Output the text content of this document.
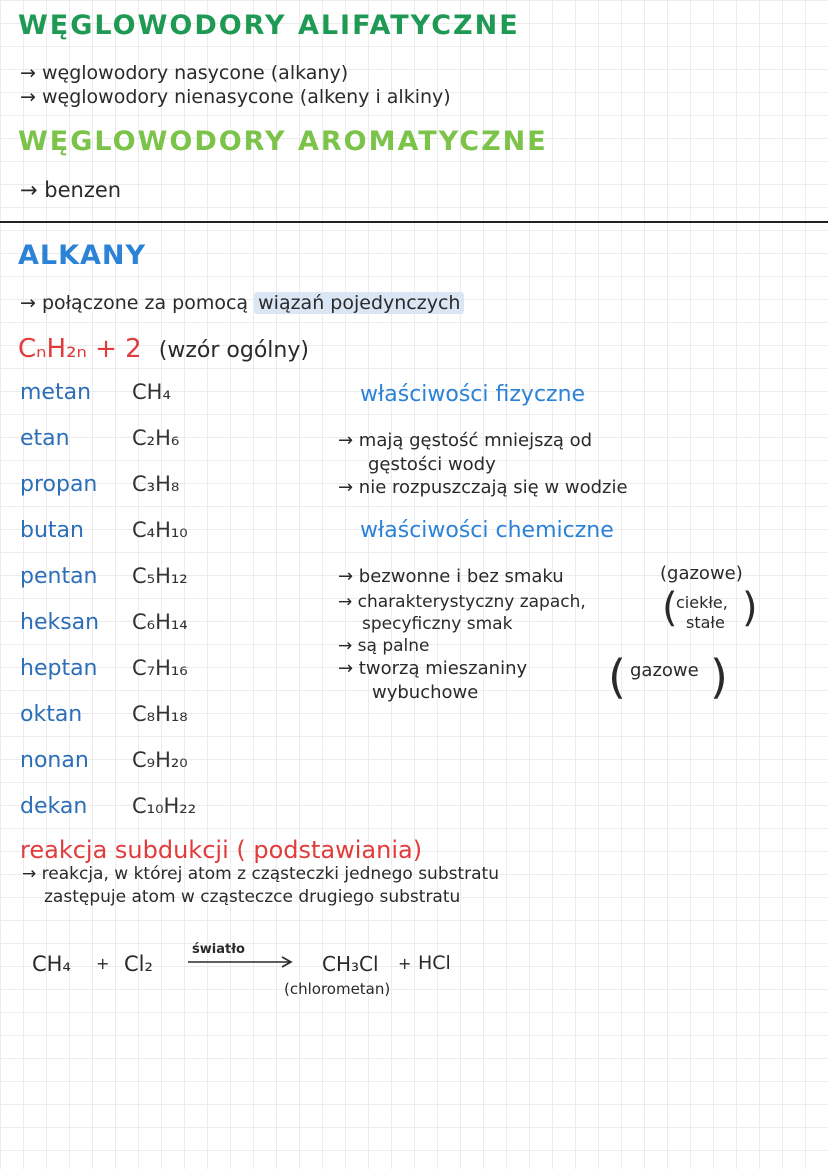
WĘGLOWODORY ALIFATYCZNE
→ węglowodory nasycone (alkany)
→ węglowodory nienasycone (alkeny i alkiny)
WĘGLOWODORY AROMATYCZNE
→ benzen
ALKANY
→ połączone za pomocą wiązań pojedynczych
CₙH₂ₙ + 2 (wzór ogólny)
metan CH₄
etan	C₂H₆
propan C₃H₈
butan C₄H₁₀
pentan C₅H₁₂
heksan C₆H₁₄
heptan C₇H₁₆
oktan C₈H₁₈
nonan C₉H₂₀
dekan C₁₀H₂₂
właściwości fizyczne
→ mają gęstość mniejszą od
gęstości wody
→ nie rozpuszczają się w wodzie
właściwości chemiczne
→ bezwonne i bez smaku	(gazowe)
→ charakterystyczny zapach,
specyficzny smak	(
ciekłe,
stałe )
→ są palne
→ tworzą mieszaniny
wybuchowe	( gazowe )
reakcja subdukcji ( podstawiania)
→ reakcja, w której atom z cząsteczki jednego substratu
zastępuje atom w cząsteczce drugiego substratu
CH₄ + Cl₂
światło
CH₃Cl + HCl
(chlorometan)
